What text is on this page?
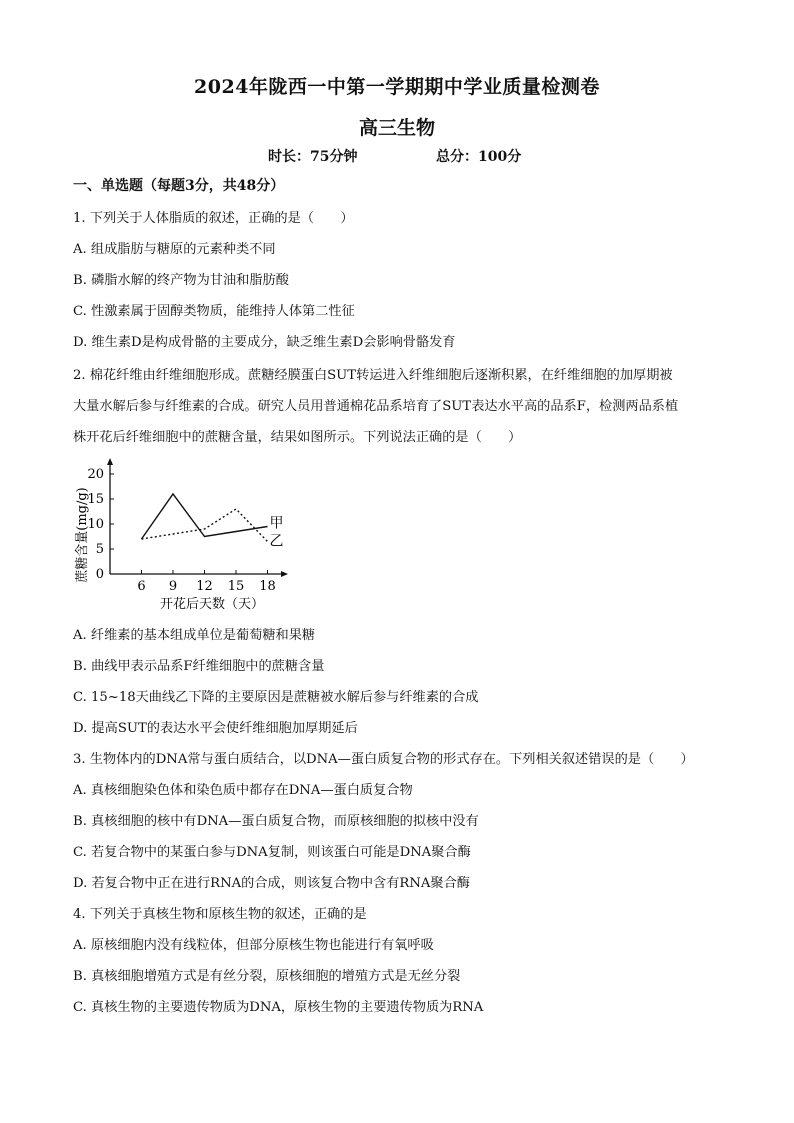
2024年陇西一中第一学期期中学业质量检测卷
高三生物
时长：75分钟	总分：100分
一、单选题（每题3分，共48分）
1. 下列关于人体脂质的叙述，正确的是（　　）
A. 组成脂肪与糖原的元素种类不同
B. 磷脂水解的终产物为甘油和脂肪酸
C. 性激素属于固醇类物质，能维持人体第二性征
D. 维生素D是构成骨骼的主要成分，缺乏维生素D会影响骨骼发育
2. 棉花纤维由纤维细胞形成。蔗糖经膜蛋白SUT转运进入纤维细胞后逐渐积累，在纤维细胞的加厚期被
大量水解后参与纤维素的合成。研究人员用普通棉花品系培育了SUT表达水平高的品系F，检测两品系植
株开花后纤维细胞中的蔗糖含量，结果如图所示。下列说法正确的是（　　）
0
5
10
15
20
6 9 12 15 18
甲
乙
蔗糖含量(mg/g)
开花后天数（天）
A. 纤维素的基本组成单位是葡萄糖和果糖
B. 曲线甲表示品系F纤维细胞中的蔗糖含量
C. 15~18天曲线乙下降的主要原因是蔗糖被水解后参与纤维素的合成
D. 提高SUT的表达水平会使纤维细胞加厚期延后
3. 生物体内的DNA常与蛋白质结合，以DNA—蛋白质复合物的形式存在。下列相关叙述错误的是（　　）
A. 真核细胞染色体和染色质中都存在DNA—蛋白质复合物
B. 真核细胞的核中有DNA—蛋白质复合物，而原核细胞的拟核中没有
C. 若复合物中的某蛋白参与DNA复制，则该蛋白可能是DNA聚合酶
D. 若复合物中正在进行RNA的合成，则该复合物中含有RNA聚合酶
4. 下列关于真核生物和原核生物的叙述，正确的是
A. 原核细胞内没有线粒体，但部分原核生物也能进行有氧呼吸
B. 真核细胞增殖方式是有丝分裂，原核细胞的增殖方式是无丝分裂
C. 真核生物的主要遗传物质为DNA，原核生物的主要遗传物质为RNA
